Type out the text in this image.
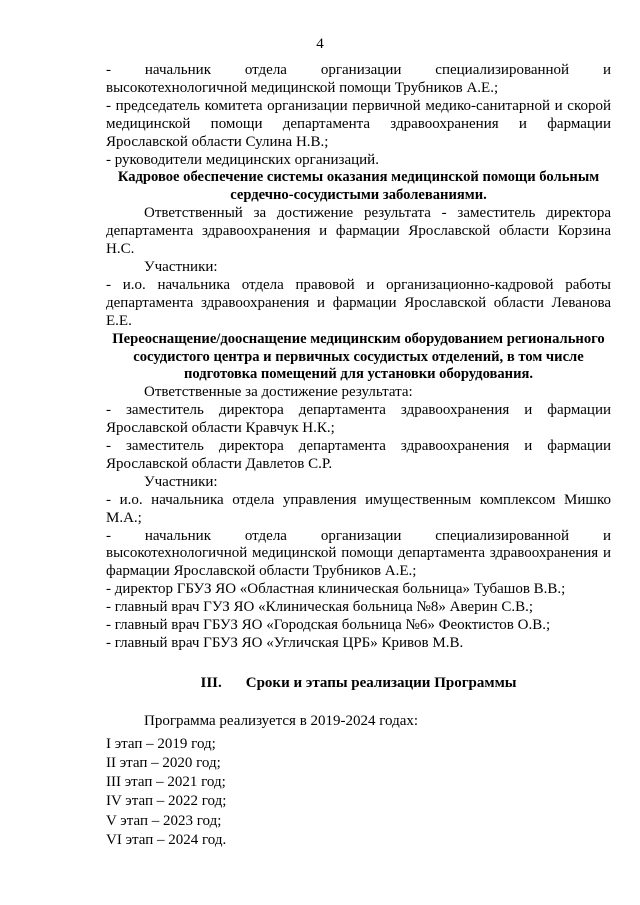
4

- начальник отдела организации специализированной и

высокотехнологичной медицинской помощи Трубников А.Е.;

- председатель комитета организации первичной медико-санитарной и скорой медицинской помощи департамента здравоохранения и фармации Ярославской области Сулина Н.В.;

- руководители медицинских организаций.

Кадровое обеспечение системы оказания медицинской помощи больным сердечно-сосудистыми заболеваниями.

Ответственный за достижение результата - заместитель директора департамента здравоохранения и фармации Ярославской области Корзина Н.С.

Участники:

- и.о. начальника отдела правовой и организационно-кадровой работы департамента здравоохранения и фармации Ярославской области Леванова Е.Е.

Переоснащение/дооснащение медицинским оборудованием регионального сосудистого центра и первичных сосудистых отделений, в том числе подготовка помещений для установки оборудования.

Ответственные за достижение результата:

- заместитель директора департамента здравоохранения и фармации Ярославской области Кравчук Н.К.;

- заместитель директора департамента здравоохранения и фармации Ярославской области Давлетов С.Р.

Участники:

- и.о. начальника отдела управления имущественным комплексом Мишко М.А.;

- начальник отдела организации специализированной и

высокотехнологичной медицинской помощи департамента здравоохранения и фармации Ярославской области Трубников А.Е.;

- директор ГБУЗ ЯО «Областная клиническая больница» Тубашов В.В.;

- главный врач ГУЗ ЯО «Клиническая больница №8» Аверин С.В.;

- главный врач ГБУЗ ЯО «Городская больница №6» Феоктистов О.В.;

- главный врач ГБУЗ ЯО «Угличская ЦРБ» Кривов М.В.

III. Сроки и этапы реализации Программы

Программа реализуется в 2019-2024 годах:

I этап – 2019 год;

II этап – 2020 год;

III этап – 2021 год;

IV этап – 2022 год;

V этап – 2023 год;

VI этап – 2024 год.
